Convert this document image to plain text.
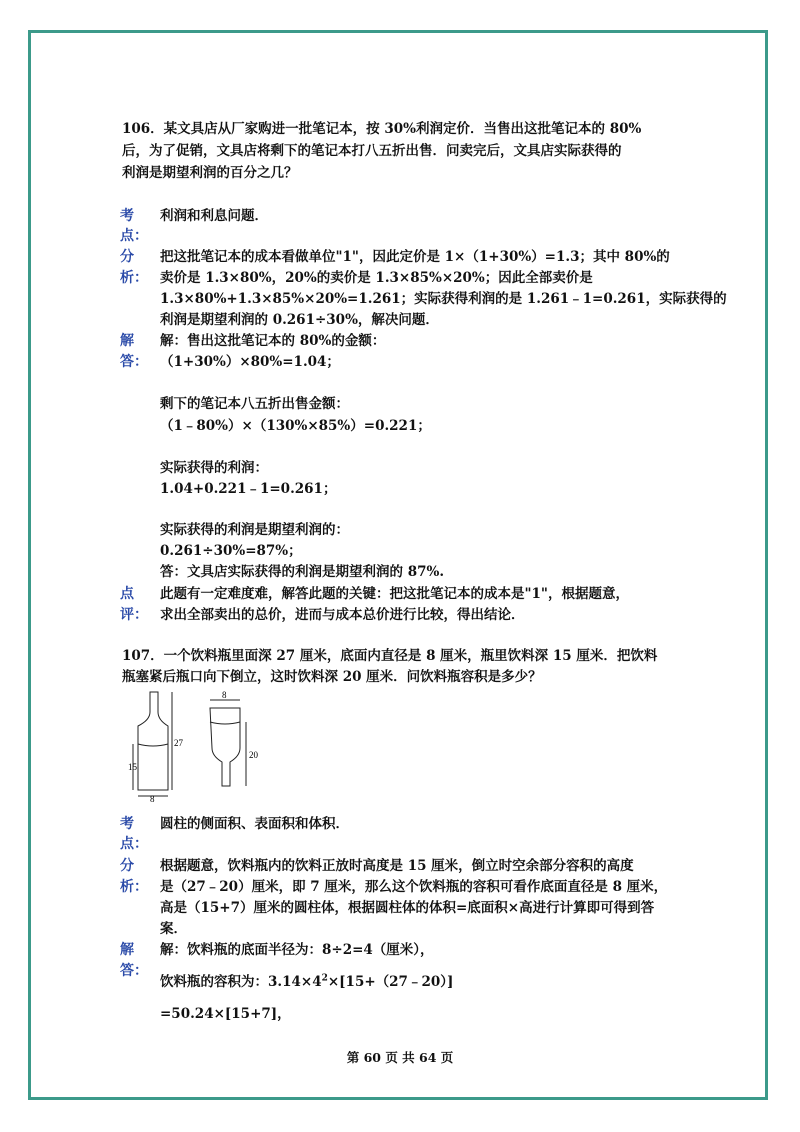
106．某文具店从厂家购进一批笔记本，按 30%利润定价．当售出这批笔记本的 80%
后，为了促销，文具店将剩下的笔记本打八五折出售．问卖完后，文具店实际获得的
利润是期望利润的百分之几？
考
点：
利润和利息问题．
分
析：
把这批笔记本的成本看做单位"1"，因此定价是 1×（1+30%）=1.3；其中 80%的
卖价是 1.3×80%，20%的卖价是 1.3×85%×20%；因此全部卖价是
1.3×80%+1.3×85%×20%=1.261；实际获得利润的是 1.261﹣1=0.261，实际获得的
利润是期望利润的 0.261÷30%，解决问题．
解
答：
解：售出这批笔记本的 80%的金额：
（1+30%）×80%=1.04；
剩下的笔记本八五折出售金额：
（1﹣80%）×（130%×85%）=0.221；
实际获得的利润：
1.04+0.221﹣1=0.261；
实际获得的利润是期望利润的：
0.261÷30%=87%；
答：文具店实际获得的利润是期望利润的 87%.
点
评：
此题有一定难度难，解答此题的关键：把这批笔记本的成本是"1"，根据题意，
求出全部卖出的总价，进而与成本总价进行比较，得出结论．
107．一个饮料瓶里面深 27 厘米，底面内直径是 8 厘米，瓶里饮料深 15 厘米．把饮料
瓶塞紧后瓶口向下倒立，这时饮料深 20 厘米．问饮料瓶容积是多少？
27
15
8
8
20
考
点：
圆柱的侧面积、表面积和体积．
分
析：
根据题意，饮料瓶内的饮料正放时高度是 15 厘米，倒立时空余部分容积的高度
是（27﹣20）厘米，即 7 厘米，那么这个饮料瓶的容积可看作底面直径是 8 厘米，
高是（15+7）厘米的圆柱体，根据圆柱体的体积=底面积×高进行计算即可得到答
案．
解
答：
解：饮料瓶的底面半径为：8÷2=4（厘米），
饮料瓶的容积为：$3.14\times 4^2\times[15+(27﹣20)]$
=50.24×[15+7]，
第 60 页 共 64 页
